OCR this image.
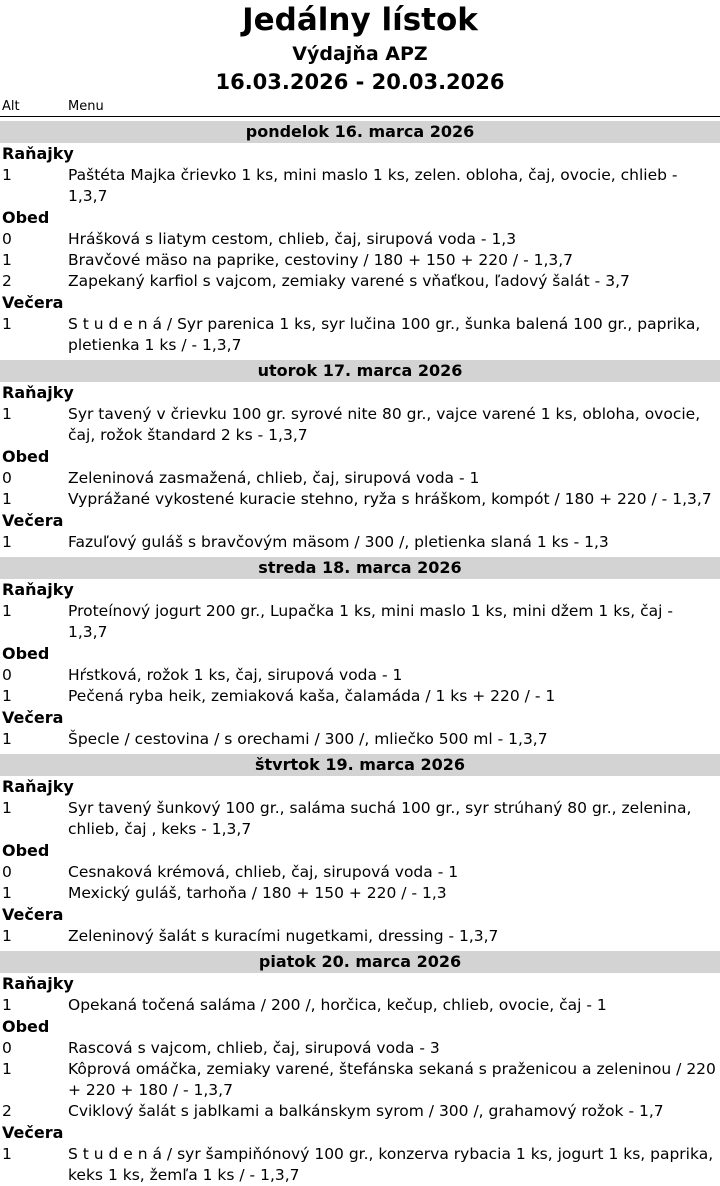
Jedálny lístok
Výdajňa APZ
16.03.2026 - 20.03.2026
Alt	Menu
pondelok 16. marca 2026
Raňajky
1	Paštéta Majka črievko 1 ks, mini maslo 1 ks, zelen. obloha, čaj, ovocie, chlieb - 1,3,7
Obed
0	Hrášková s liatym cestom, chlieb, čaj, sirupová voda - 1,3
1	Bravčové mäso na paprike, cestoviny / 180 + 150 + 220 / - 1,3,7
2	Zapekaný karfiol s vajcom, zemiaky varené s vňaťkou, ľadový šalát - 3,7
Večera
1	S t u d e n á / Syr parenica 1 ks, syr lučina 100 gr., šunka balená 100 gr., paprika, pletienka 1 ks / - 1,3,7
utorok 17. marca 2026
Raňajky
1	Syr tavený v črievku 100 gr. syrové nite 80 gr., vajce varené 1 ks, obloha, ovocie, čaj, rožok štandard 2 ks - 1,3,7
Obed
0	Zeleninová zasmažená, chlieb, čaj, sirupová voda - 1
1	Vyprážané vykostené kuracie stehno, ryža s hráškom, kompót / 180 + 220 / - 1,3,7
Večera
1	Fazuľový guláš s bravčovým mäsom / 300 /, pletienka slaná 1 ks - 1,3
streda 18. marca 2026
Raňajky
1	Proteínový jogurt 200 gr., Lupačka 1 ks, mini maslo 1 ks, mini džem 1 ks, čaj - 1,3,7
Obed
0	Hŕstková, rožok 1 ks, čaj, sirupová voda - 1
1	Pečená ryba heik, zemiaková kaša, čalamáda / 1 ks + 220 / - 1
Večera
1	Špecle / cestovina / s orechami / 300 /, mliečko 500 ml - 1,3,7
štvrtok 19. marca 2026
Raňajky
1	Syr tavený šunkový 100 gr., saláma suchá 100 gr., syr strúhaný 80 gr., zelenina, chlieb, čaj , keks - 1,3,7
Obed
0	Cesnaková krémová, chlieb, čaj, sirupová voda - 1
1	Mexický guláš, tarhoňa / 180 + 150 + 220 / - 1,3
Večera
1	Zeleninový šalát s kuracími nugetkami, dressing - 1,3,7
piatok 20. marca 2026
Raňajky
1	Opekaná točená saláma / 200 /, horčica, kečup, chlieb, ovocie, čaj - 1
Obed
0	Rascová s vajcom, chlieb, čaj, sirupová voda - 3
1	Kôprová omáčka, zemiaky varené, štefánska sekaná s praženicou a zeleninou / 220 + 220 + 180 / - 1,3,7
2	Cviklový šalát s jablkami a balkánskym syrom / 300 /, grahamový rožok - 1,7
Večera
1	S t u d e n á / syr šampiňónový 100 gr., konzerva rybacia 1 ks, jogurt 1 ks, paprika, keks 1 ks, žemľa 1 ks / - 1,3,7
